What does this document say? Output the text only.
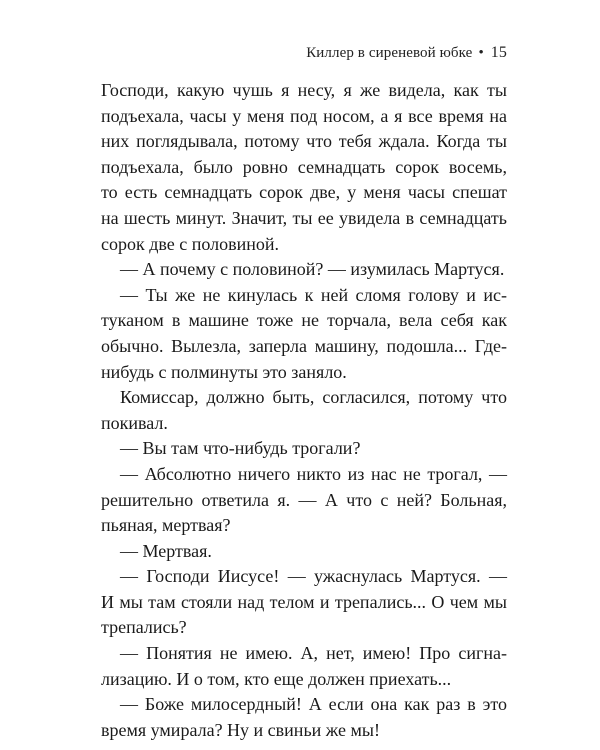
Киллер в сиреневой юбке • 15
Господи, какую чушь я несу, я же видела, как ты
подъехала, часы у меня под носом, а я все время на
них поглядывала, потому что тебя ждала. Когда ты
подъехала, было ровно семнадцать сорок восемь,
то есть семнадцать сорок две, у меня часы спешат
на шесть минут. Значит, ты ее увидела в семнадцать
сорок две с половиной.
— А почему с половиной? — изумилась Мартуся.
— Ты же не кинулась к ней сломя голову и ис-
туканом в машине тоже не торчала, вела себя как
обычно. Вылезла, заперла машину, подошла... Где-
нибудь с полминуты это заняло.
Комиссар, должно быть, согласился, потому что
покивал.
— Вы там что-нибудь трогали?
— Абсолютно ничего никто из нас не трогал, —
решительно ответила я. — А что с ней? Больная,
пьяная, мертвая?
— Мертвая.
— Господи Иисусе! — ужаснулась Мартуся. —
И мы там стояли над телом и трепались... О чем мы
трепались?
— Понятия не имею. А, нет, имею! Про сигна-
лизацию. И о том, кто еще должен приехать...
— Боже милосердный! А если она как раз в это
время умирала? Ну и свиньи же мы!
